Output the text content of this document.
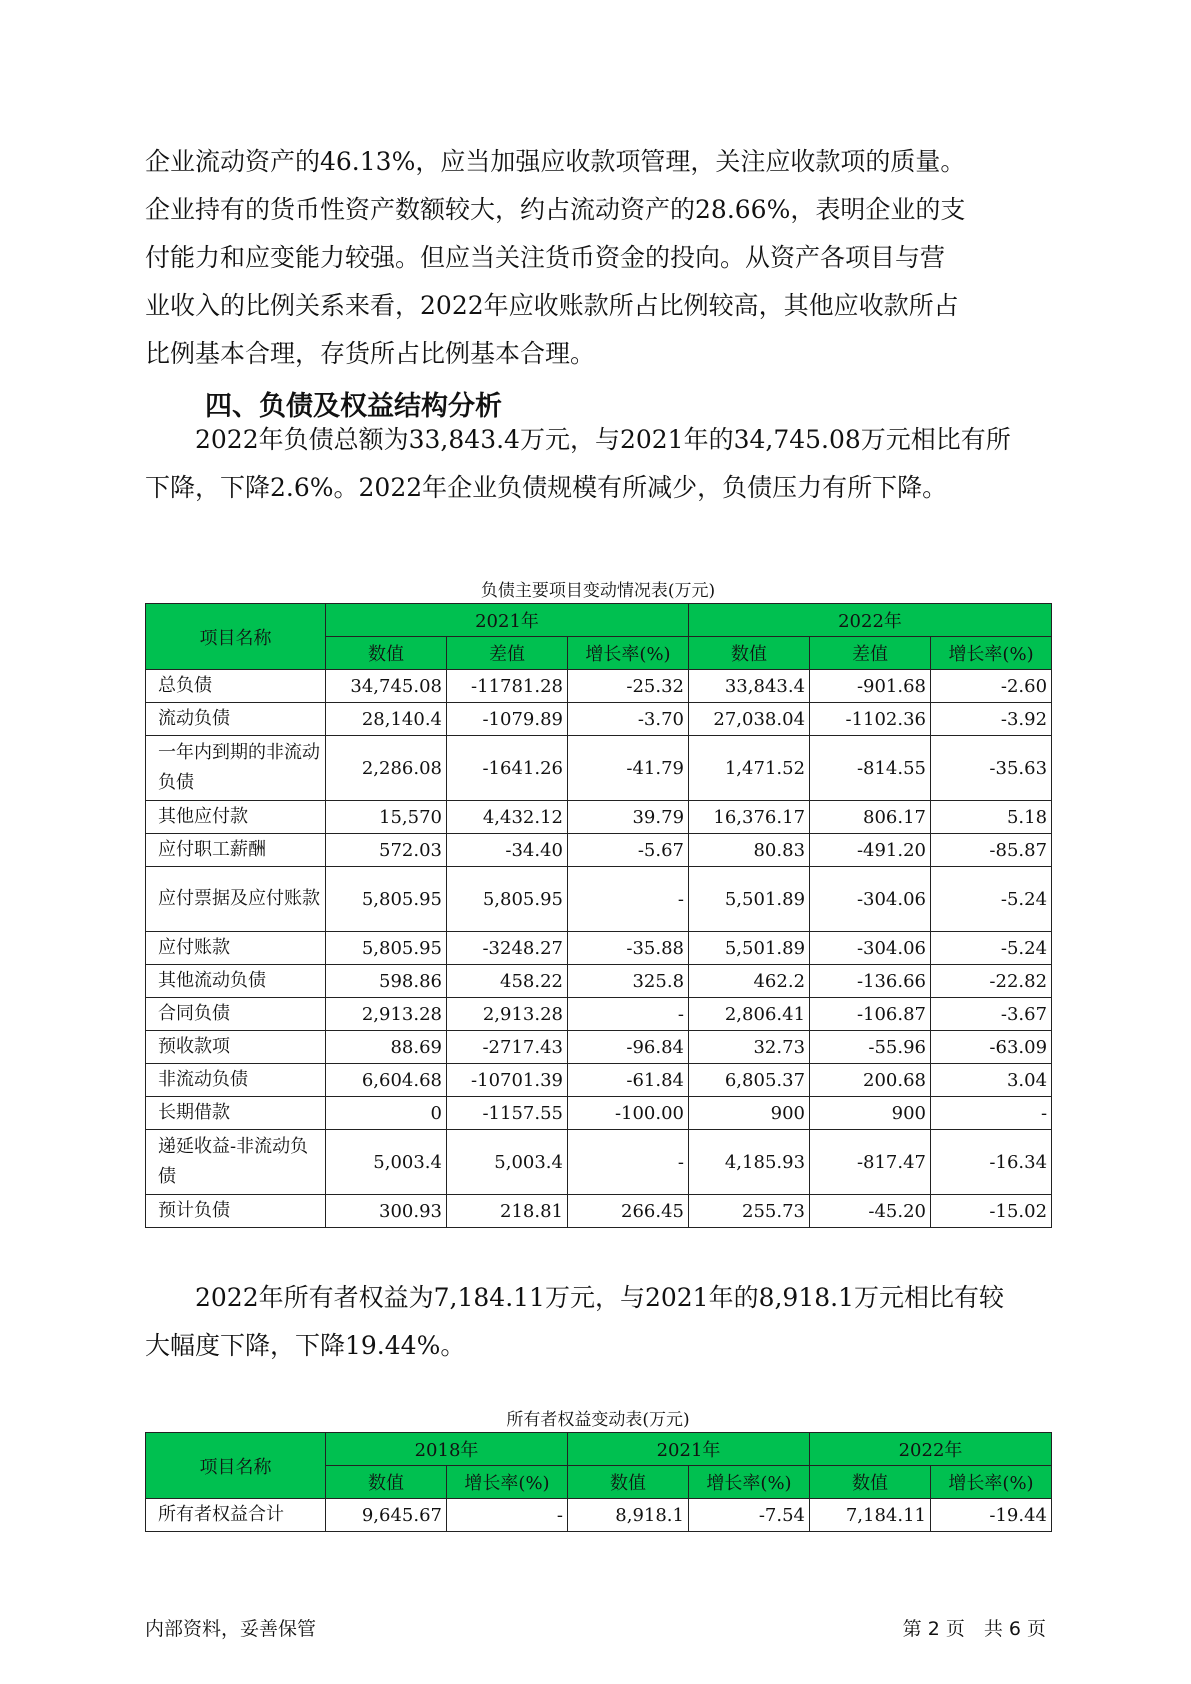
企业流动资产的46.13%，应当加强应收款项管理，关注应收款项的质量。
企业持有的货币性资产数额较大，约占流动资产的28.66%，表明企业的支
付能力和应变能力较强。但应当关注货币资金的投向。从资产各项目与营
业收入的比例关系来看，2022年应收账款所占比例较高，其他应收款所占
比例基本合理，存货所占比例基本合理。

四、负债及权益结构分析

　　2022年负债总额为33,843.4万元，与2021年的34,745.08万元相比有所
下降，下降2.6%。2022年企业负债规模有所减少，负债压力有所下降。

负债主要项目变动情况表(万元)
项目名称	2021年			2022年		
	数值	差值	增长率(%)	数值	差值	增长率(%)
总负债	34,745.08	-11781.28	-25.32	33,843.4	-901.68	-2.60
流动负债	28,140.4	-1079.89	-3.70	27,038.04	-1102.36	-3.92
一年内到期的非流动负债	2,286.08	-1641.26	-41.79	1,471.52	-814.55	-35.63
其他应付款	15,570	4,432.12	39.79	16,376.17	806.17	5.18
应付职工薪酬	572.03	-34.40	-5.67	80.83	-491.20	-85.87
应付票据及应付账款	5,805.95	5,805.95	-	5,501.89	-304.06	-5.24
应付账款	5,805.95	-3248.27	-35.88	5,501.89	-304.06	-5.24
其他流动负债	598.86	458.22	325.8	462.2	-136.66	-22.82
合同负债	2,913.28	2,913.28	-	2,806.41	-106.87	-3.67
预收款项	88.69	-2717.43	-96.84	32.73	-55.96	-63.09
非流动负债	6,604.68	-10701.39	-61.84	6,805.37	200.68	3.04
长期借款	0	-1157.55	-100.00	900	900	-
递延收益-非流动负债	5,003.4	5,003.4	-	4,185.93	-817.47	-16.34
预计负债	300.93	218.81	266.45	255.73	-45.20	-15.02

　　2022年所有者权益为7,184.11万元，与2021年的8,918.1万元相比有较
大幅度下降，下降19.44%。

所有者权益变动表(万元)
项目名称	2018年		2021年		2022年	
	数值	增长率(%)	数值	增长率(%)	数值	增长率(%)
所有者权益合计	9,645.67	-	8,918.1	-7.54	7,184.11	-19.44
内部资料，妥善保管	第 2 页　共 6 页
